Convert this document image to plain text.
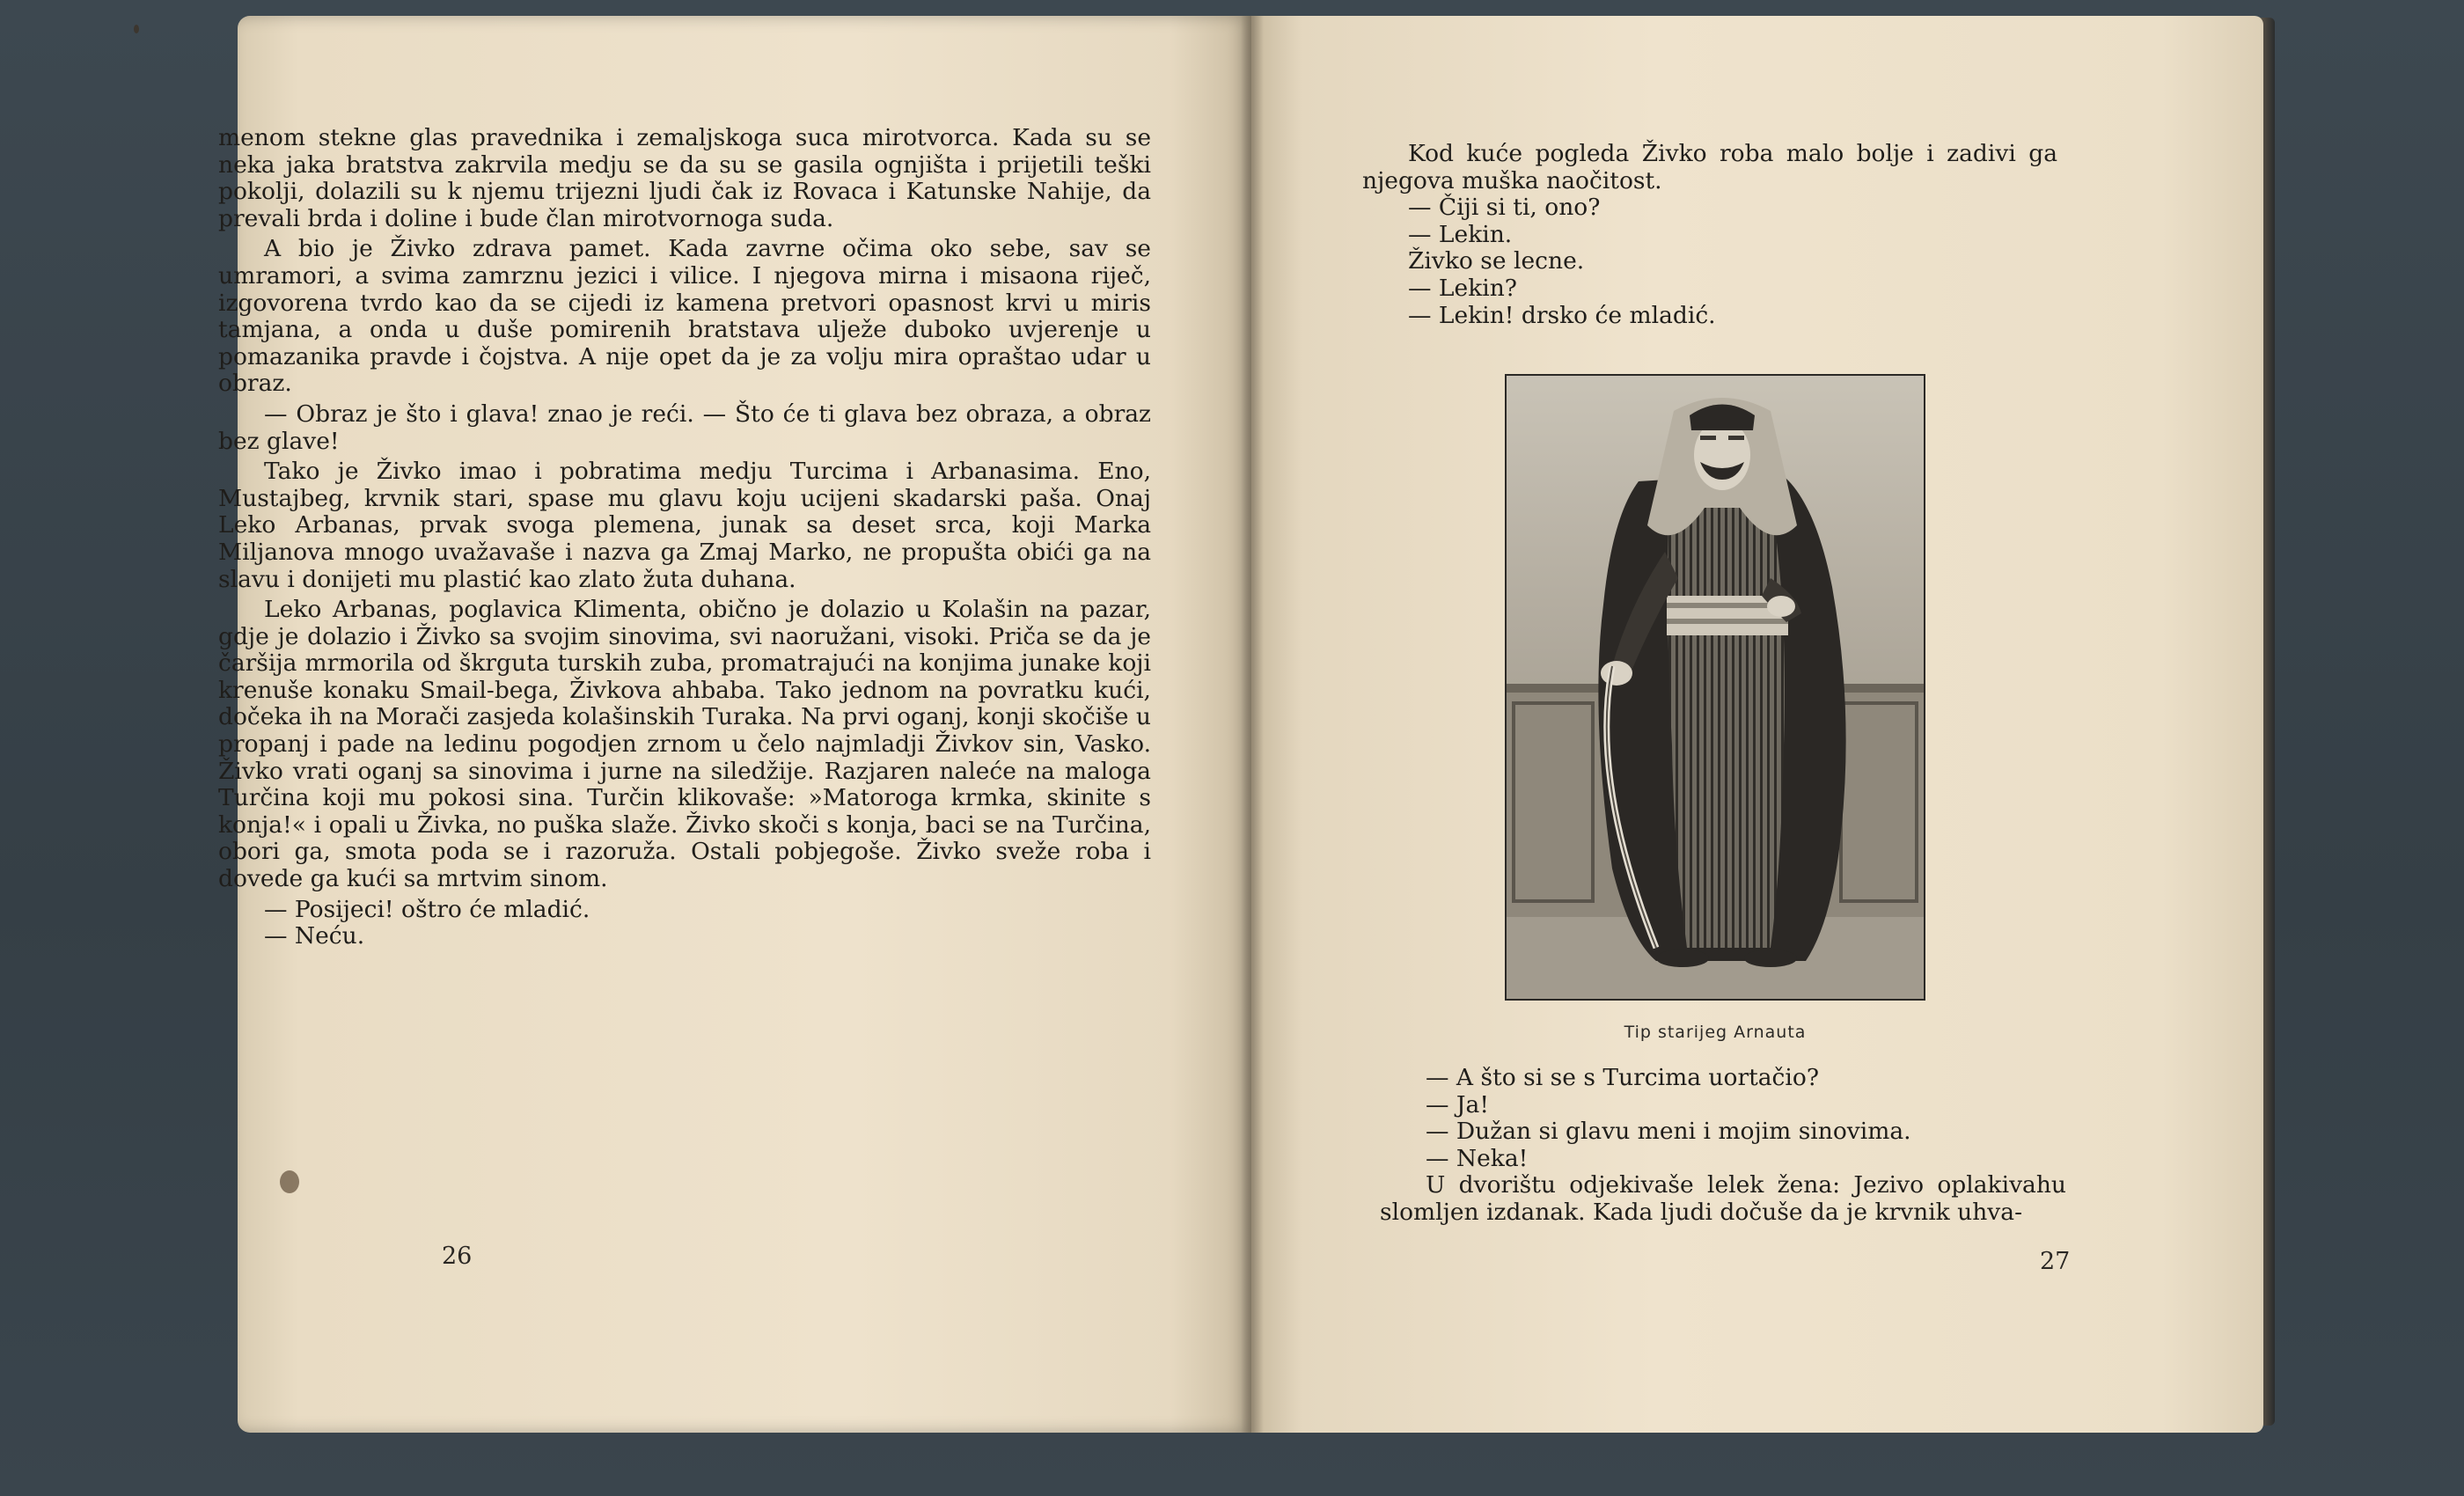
menom stekne glas pravednika i zemaljskoga suca mirotvorca. Kada su se neka jaka bratstva zakrvila medju se da su se gasila ognjišta i prijetili teški pokolji, dolazili su k njemu trijezni ljudi čak iz Rovaca i Katunske Nahije, da prevali brda i doline i bude član mirotvornoga suda.

A bio je Živko zdrava pamet. Kada zavrne očima oko sebe, sav se umramori, a svima zamrznu jezici i vilice. I njegova mirna i misaona riječ, izgovorena tvrdo kao da se cijedi iz kamena pretvori opasnost krvi u miris tamjana, a onda u duše pomirenih bratstava ulježe duboko uvjerenje u pomazanika pravde i čojstva. A nije opet da je za volju mira opraštao udar u obraz.

— Obraz je što i glava! znao je reći. — Što će ti glava bez obraza, a obraz bez glave!

Tako je Živko imao i pobratima medju Turcima i Arbanasima. Eno, Mustajbeg, krvnik stari, spase mu glavu koju ucijeni skadarski paša. Onaj Leko Arbanas, prvak svoga plemena, junak sa deset srca, koji Marka Miljanova mnogo uvažavaše i nazva ga Zmaj Marko, ne propušta obići ga na slavu i donijeti mu plastić kao zlato žuta duhana.

Leko Arbanas, poglavica Klimenta, obično je dolazio u Kolašin na pazar, gdje je dolazio i Živko sa svojim sinovima, svi naoružani, visoki. Priča se da je čaršija mrmorila od škrguta turskih zuba, promatrajući na konjima junake koji krenuše konaku Smail-bega, Živkova ahbaba. Tako jednom na povratku kući, dočeka ih na Morači zasjeda kolašinskih Turaka. Na prvi oganj, konji skočiše u propanj i pade na ledinu pogodjen zrnom u čelo najmladji Živkov sin, Vasko. Živko vrati oganj sa sinovima i jurne na siledžije. Razjaren naleće na maloga Turčina koji mu pokosi sina. Turčin klikovaše: »Matoroga krmka, skinite s konja!« i opali u Živka, no puška slaže. Živko skoči s konja, baci se na Turčina, obori ga, smota poda se i razoruža. Ostali pobjegoše. Živko sveže roba i dovede ga kući sa mrtvim sinom.

— Posijeci! oštro će mladić.

— Neću.

26

Kod kuće pogleda Živko roba malo bolje i zadivi ga njegova muška naočitost.

— Čiji si ti, ono?

— Lekin.

Živko se lecne.

— Lekin?

— Lekin! drsko će mladić.

Tip starijeg Arnauta

— A što si se s Turcima uortačio?

— Ja!

— Dužan si glavu meni i mojim sinovima.

— Neka!

U dvorištu odjekivaše lelek žena: Jezivo oplakivahu slomljen izdanak. Kada ljudi dočuše da je krvnik uhva-

27
